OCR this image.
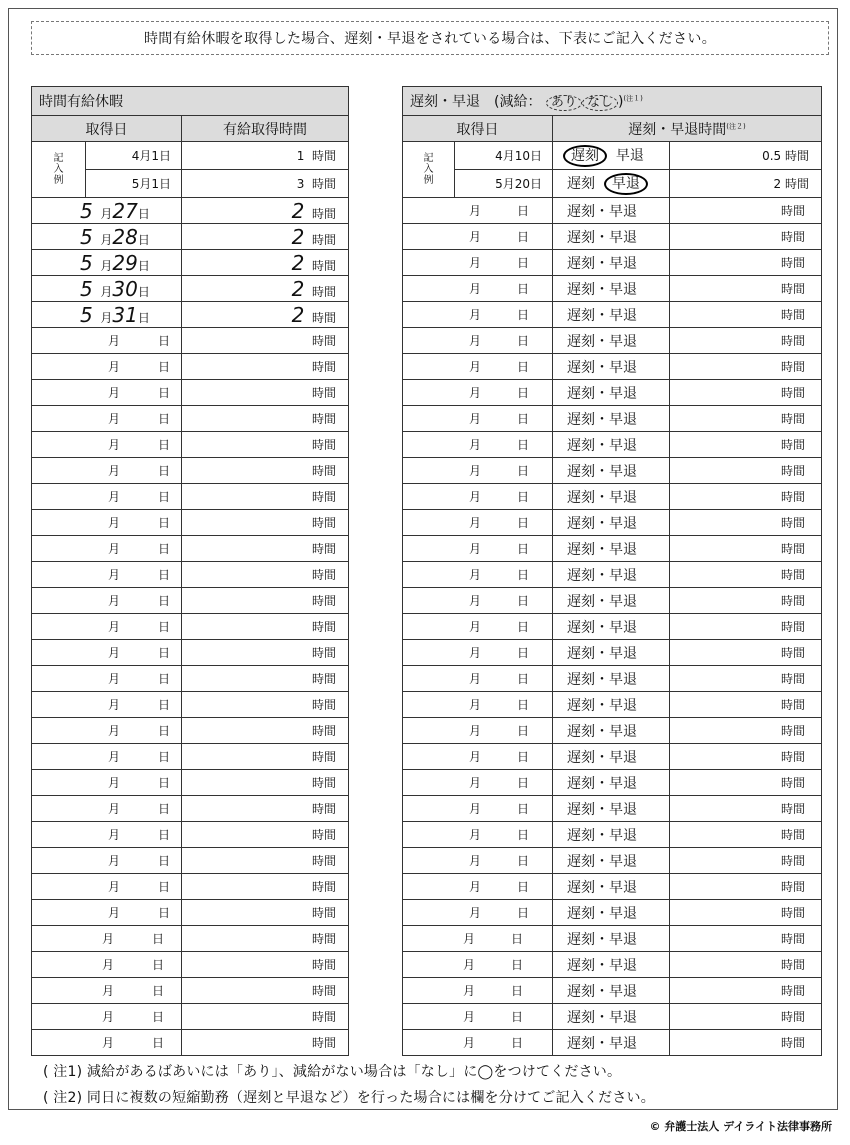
時間有給休暇を取得した場合、遅刻・早退をされている場合は、下表にご記入ください。
時間有給休暇		
取得日		有給取得時間
記
入
例	4月1日	1 時間
	5月1日	3 時間
5 月27日		2 時間
5 月28日		2 時間
5 月29日		2 時間
5 月30日		2 時間
5 月31日		2 時間
月 日		時間
月 日		時間
月 日		時間
月 日		時間
月 日		時間
月 日		時間
月 日		時間
月 日		時間
月 日		時間
月 日		時間
月 日		時間
月 日		時間
月 日		時間
月 日		時間
月 日		時間
月 日		時間
月 日		時間
月 日		時間
月 日		時間
月 日		時間
月 日		時間
月 日		時間
月 日		時間
月 日		時間
月 日		時間
月 日		時間
月 日		時間
月 日		時間
遅刻・早退　(減給： あり なし )$^{(注1)}$
取得日		遅刻・早退時間$^{(注2)}$
記
入
例	4月10日	遅刻 早退	0.5 時間
	5月20日	遅刻 早退	2 時間
月 日		遅刻・早退	時間
月 日		遅刻・早退	時間
月 日		遅刻・早退	時間
月 日		遅刻・早退	時間
月 日		遅刻・早退	時間
月 日		遅刻・早退	時間
月 日		遅刻・早退	時間
月 日		遅刻・早退	時間
月 日		遅刻・早退	時間
月 日		遅刻・早退	時間
月 日		遅刻・早退	時間
月 日		遅刻・早退	時間
月 日		遅刻・早退	時間
月 日		遅刻・早退	時間
月 日		遅刻・早退	時間
月 日		遅刻・早退	時間
月 日		遅刻・早退	時間
月 日		遅刻・早退	時間
月 日		遅刻・早退	時間
月 日		遅刻・早退	時間
月 日		遅刻・早退	時間
月 日		遅刻・早退	時間
月 日		遅刻・早退	時間
月 日		遅刻・早退	時間
月 日		遅刻・早退	時間
月 日		遅刻・早退	時間
月 日		遅刻・早退	時間
月 日		遅刻・早退	時間
月 日		遅刻・早退	時間
月 日		遅刻・早退	時間
月 日		遅刻・早退	時間
月 日		遅刻・早退	時間
月 日		遅刻・早退	時間
( 注1) 減給があるばあいには「あり」、減給がない場合は「なし」に◯をつけてください。
( 注2) 同日に複数の短縮勤務（遅刻と早退など）を行った場合には欄を分けてご記入ください。
© 弁護士法人 デイライト法律事務所
